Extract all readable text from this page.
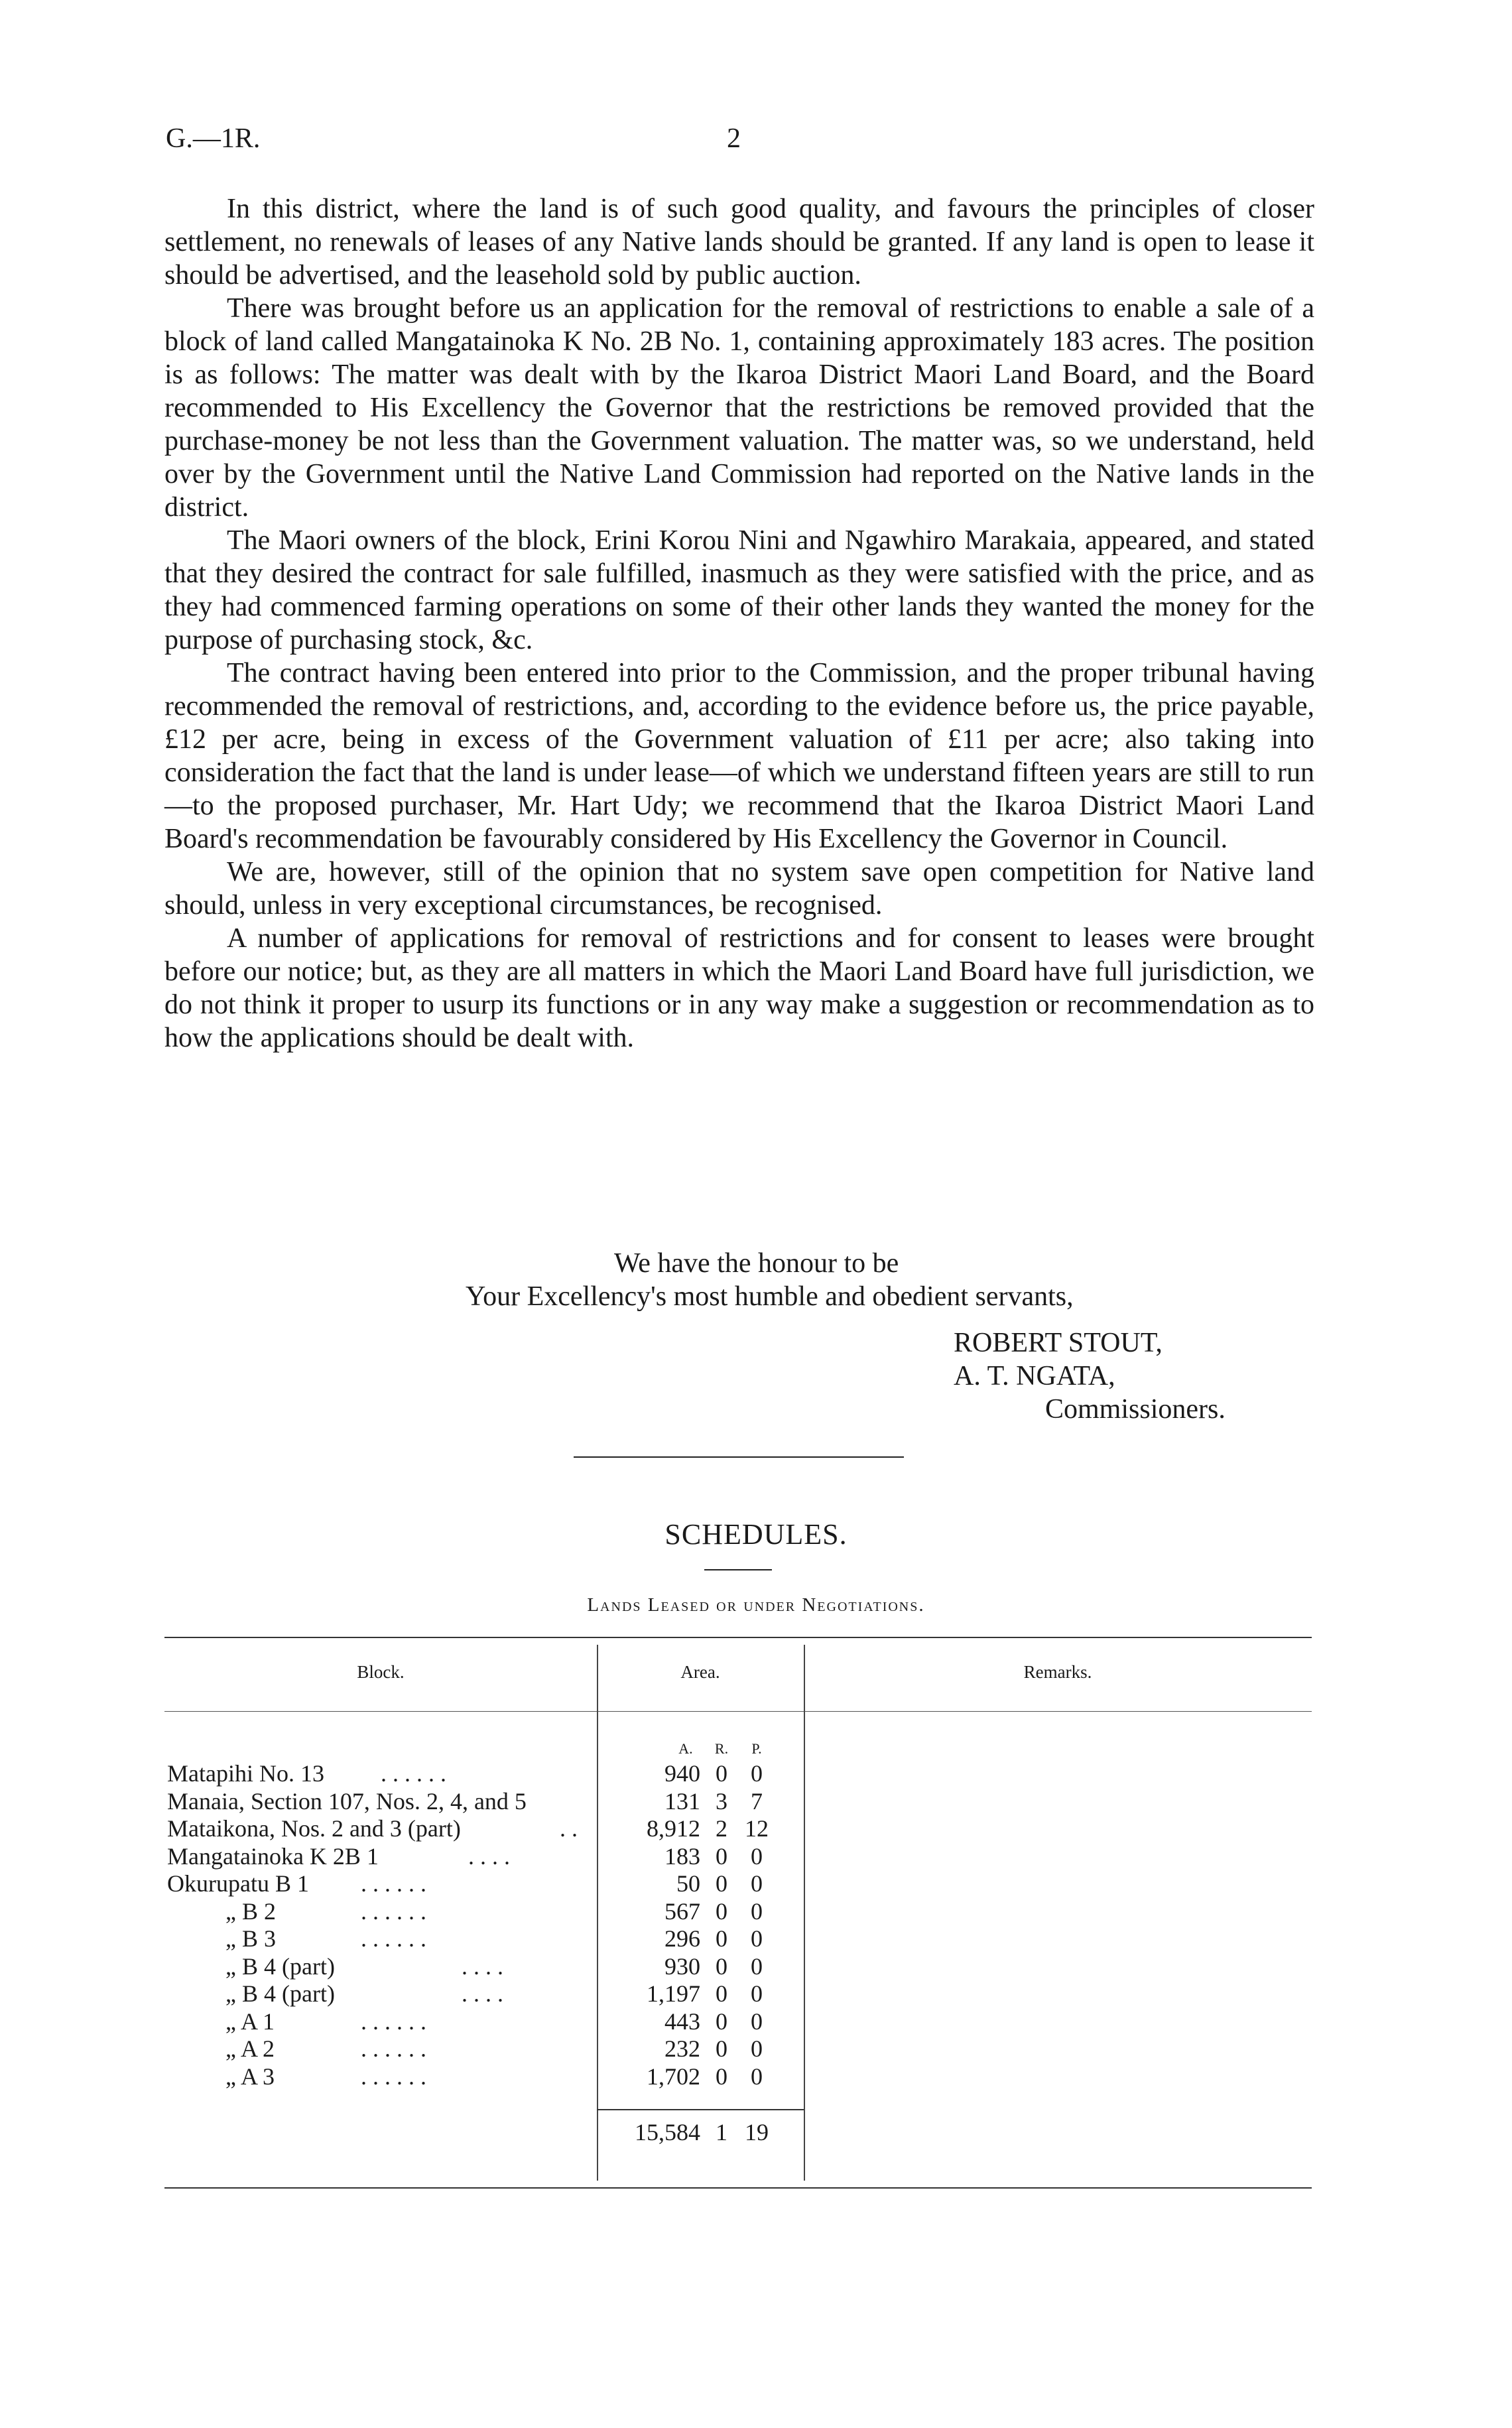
G.—1R.	2

In this district, where the land is of such good quality, and favours the principles of closer settlement, no renewals of leases of any Native lands should be granted. If any land is open to lease it should be advertised, and the leasehold sold by public auction.

There was brought before us an application for the removal of restrictions to enable a sale of a block of land called Mangatainoka K No. 2B No. 1, containing approximately 183 acres. The position is as follows: The matter was dealt with by the Ikaroa District Maori Land Board, and the Board recommended to His Excellency the Governor that the restrictions be removed provided that the purchase-money be not less than the Government valuation. The matter was, so we understand, held over by the Government until the Native Land Commission had reported on the Native lands in the district.

The Maori owners of the block, Erini Korou Nini and Ngawhiro Marakaia, appeared, and stated that they desired the contract for sale fulfilled, inasmuch as they were satisfied with the price, and as they had commenced farming operations on some of their other lands they wanted the money for the purpose of purchasing stock, &c.

The contract having been entered into prior to the Commission, and the proper tribunal having recommended the removal of restrictions, and, according to the evidence before us, the price payable, £12 per acre, being in excess of the Government valuation of £11 per acre; also taking into consideration the fact that the land is under lease—of which we understand fifteen years are still to run—to the proposed purchaser, Mr. Hart Udy; we recommend that the Ikaroa District Maori Land Board's recommendation be favourably considered by His Excellency the Governor in Council.

We are, however, still of the opinion that no system save open competition for Native land should, unless in very exceptional circumstances, be recognised.

A number of applications for removal of restrictions and for consent to leases were brought before our notice; but, as they are all matters in which the Maori Land Board have full jurisdiction, we do not think it proper to usurp its functions or in any way make a suggestion or recommendation as to how the applications should be dealt with.

We have the honour to be
Your Excellency's most humble and obedient servants,
ROBERT STOUT,
A. T. NGATA,
Commissioners.
SCHEDULES.
Lands Leased or under Negotiations.
Block.	Area.	Remarks.
A.	R.	P.
Matapihi No. 13 . . . . . .	940 0 0
Manaia, Section 107, Nos. 2, 4, and 5	131 3 7
Mataikona, Nos. 2 and 3 (part)	. .	8,912 2 12
Mangatainoka K 2B 1	. . . .	183 0 0
Okurupatu B 1 . . . . . .	50 0 0
„ B 2	. . . . . .	567 0 0
„ B 3	. . . . . .	296 0 0
„ B 4 (part)	. . . .	930 0 0
„ B 4 (part)	. . . .	1,197 0 0
„ A 1	. . . . . .	443 0 0
„ A 2	. . . . . .	232 0 0
„ A 3	. . . . . .	1,702 0 0
15,584 1 19
